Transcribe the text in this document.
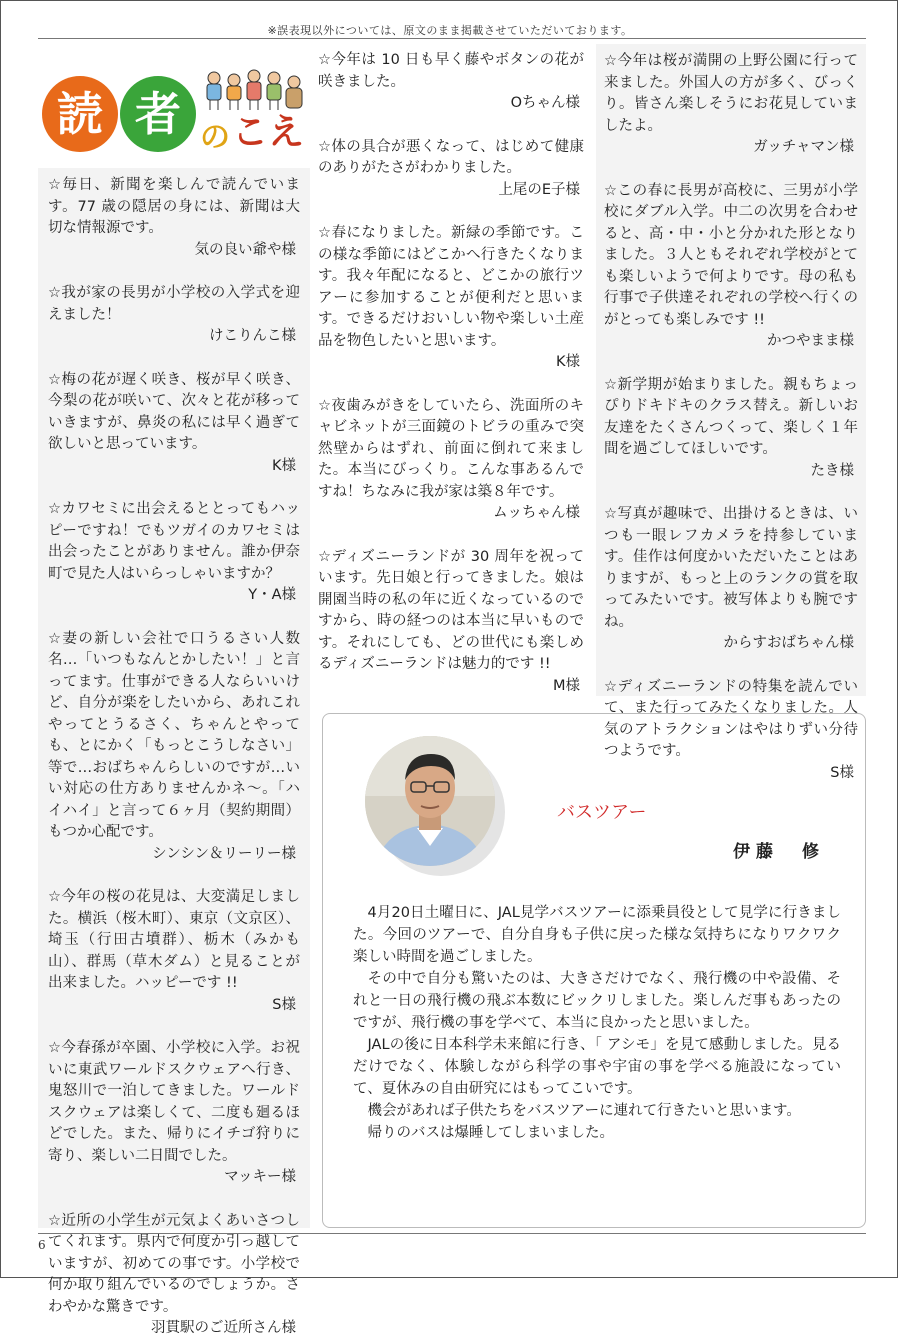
※誤表現以外については、原文のまま掲載させていただいております。
読 者 の こえ

☆毎日、新聞を楽しんで読んでいます。77 歳の隠居の身には、新聞は大切な情報源です。

気の良い爺や様

☆我が家の長男が小学校の入学式を迎えました！

けこりんこ様

☆梅の花が遅く咲き、桜が早く咲き、今梨の花が咲いて、次々と花が移っていきますが、鼻炎の私には早く過ぎて欲しいと思っています。

K様

☆カワセミに出会えるととってもハッピーですね！でもツガイのカワセミは出会ったことがありません。誰か伊奈町で見た人はいらっしゃいますか？

Y・A様

☆妻の新しい会社で口うるさい人数名…「いつもなんとかしたい！」と言ってます。仕事ができる人ならいいけど、自分が楽をしたいから、あれこれやってとうるさく、ちゃんとやっても、とにかく「もっとこうしなさい」等で…おばちゃんらしいのですが…いい対応の仕方ありませんかネ〜。「ハイハイ」と言って６ヶ月（契約期間）もつか心配です。

シンシン＆リーリー様

☆今年の桜の花見は、大変満足しました。横浜（桜木町）、東京（文京区）、埼玉（行田古墳群）、栃木（みかも山）、群馬（草木ダム）と見ることが出来ました。ハッピーです !!

S様

☆今春孫が卒園、小学校に入学。お祝いに東武ワールドスクウェアへ行き、鬼怒川で一泊してきました。ワールドスクウェアは楽しくて、二度も廻るほどでした。また、帰りにイチゴ狩りに寄り、楽しい二日間でした。

マッキー様

☆近所の小学生が元気よくあいさつしてくれます。県内で何度か引っ越していますが、初めての事です。小学校で何か取り組んでいるのでしょうか。さわやかな驚きです。

羽貫駅のご近所さん様

☆今年は 10 日も早く藤やボタンの花が咲きました。

Oちゃん様

☆体の具合が悪くなって、はじめて健康のありがたさがわかりました。

上尾のE子様

☆春になりました。新緑の季節です。この様な季節にはどこかへ行きたくなります。我々年配になると、どこかの旅行ツアーに参加することが便利だと思います。できるだけおいしい物や楽しい土産品を物色したいと思います。

K様

☆夜歯みがきをしていたら、洗面所のキャビネットが三面鏡のトビラの重みで突然壁からはずれ、前面に倒れて来ました。本当にびっくり。こんな事あるんですね！ちなみに我が家は築８年です。

ムッちゃん様

☆ディズニーランドが 30 周年を祝っています。先日娘と行ってきました。娘は開園当時の私の年に近くなっているのですから、時の経つのは本当に早いものです。それにしても、どの世代にも楽しめるディズニーランドは魅力的です !!

M様

☆今年は桜が満開の上野公園に行って来ました。外国人の方が多く、びっくり。皆さん楽しそうにお花見していましたよ。

ガッチャマン様

☆この春に長男が高校に、三男が小学校にダブル入学。中二の次男を合わせると、高・中・小と分かれた形となりました。３人ともそれぞれ学校がとても楽しいようで何よりです。母の私も行事で子供達それぞれの学校へ行くのがとっても楽しみです !!

かつやまま様

☆新学期が始まりました。親もちょっぴりドキドキのクラス替え。新しいお友達をたくさんつくって、楽しく１年間を過ごしてほしいです。

たき様

☆写真が趣味で、出掛けるときは、いつも一眼レフカメラを持参しています。佳作は何度かいただいたことはありますが、もっと上のランクの賞を取ってみたいです。被写体よりも腕ですね。

からすおばちゃん様

☆ディズニーランドの特集を読んでいて、また行ってみたくなりました。人気のアトラクションはやはりずい分待つようです。

S様
バスツアー
伊藤　修

4月20日土曜日に、JAL見学バスツアーに添乗員役として見学に行きました。今回のツアーで、自分自身も子供に戻った様な気持ちになりワクワク楽しい時間を過ごしました。

その中で自分も驚いたのは、大きさだけでなく、飛行機の中や設備、それと一日の飛行機の飛ぶ本数にビックリしました。楽しんだ事もあったのですが、飛行機の事を学べて、本当に良かったと思いました。

JALの後に日本科学未来館に行き、「 アシモ」を見て感動しました。見るだけでなく、体験しながら科学の事や宇宙の事を学べる施設になっていて、夏休みの自由研究にはもってこいです。

機会があれば子供たちをバスツアーに連れて行きたいと思います。

帰りのバスは爆睡してしまいました。

6
